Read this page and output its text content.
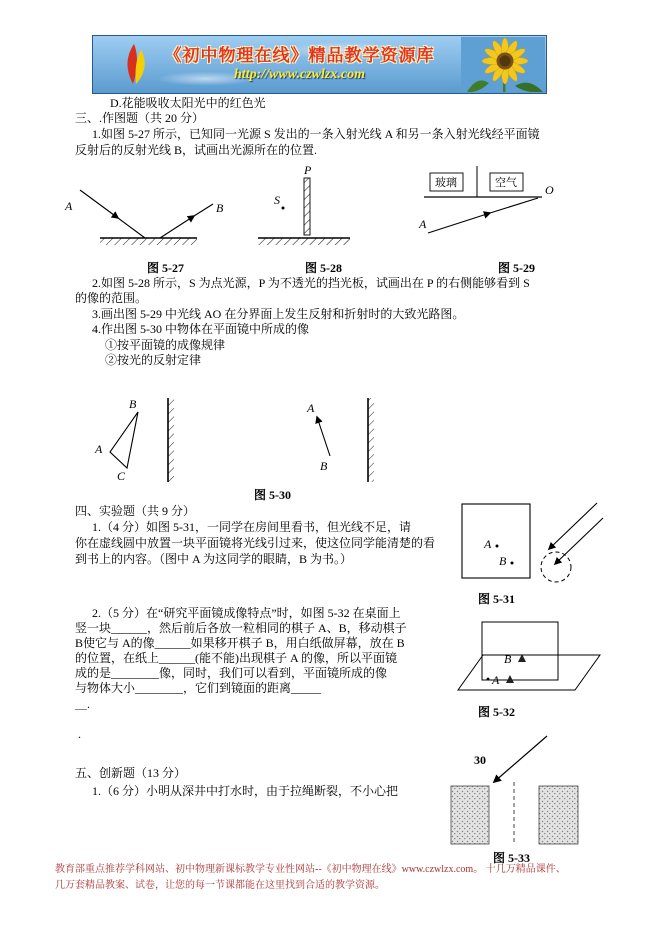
《初中物理在线》精品教学资源库
http://www.czwlzx.com
D.花能吸收太阳光中的红色光
三、.作图题（共 20 分）
1.如图 5-27 所示，已知同一光源 S 发出的一条入射光线 A 和另一条入射光线经平面镜
反射后的反射光线 B，试画出光源所在的位置.
2.如图 5-28 所示，S 为点光源，P 为不透光的挡光板，试画出在 P 的右侧能够看到 S
的像的范围。
3.画出图 5-29 中光线 AO 在分界面上发生反射和折射时的大致光路图。
4.作出图 5-30 中物体在平面镜中所成的像
①按平面镜的成像规律
②按光的反射定律
四、实验题（共 9 分）
1.（4 分）如图 5-31，一同学在房间里看书，但光线不足，请
你在虚线圆中放置一块平面镜将光线引过来，使这位同学能清楚的看
到书上的内容。（图中 A 为这同学的眼睛，B 为书。）
2.（5 分）在“研究平面镜成像特点”时，如图 5-32 在桌面上
竖一块______，然后前后各放一粒相同的棋子 A、B，移动棋子
B使它与 A的像______如果移开棋子 B，用白纸做屏幕，放在 B
的位置，在纸上______(能不能)出现棋子 A 的像，所以平面镜
成的是________像，同时，我们可以看到，平面镜所成的像
与物体大小________，它们到镜面的距离_____
＿.
.
五、创新题（13 分）
1.（6 分）小明从深井中打水时，由于拉绳断裂，不小心把
A	B
P
S
玻璃	空气 O
A
B
A
C
A
B
A
B
B
A
30
图 5-27	图 5-28	图 5-29
图 5-30
图 5-31
图 5-32
图 5-33
教育部重点推荐学科网站、初中物理新课标教学专业性网站--《初中物理在线》www.czwlzx.com。 十几万精品课件、
几万套精品教案、试卷，让您的每一节课都能在这里找到合适的教学资源。
